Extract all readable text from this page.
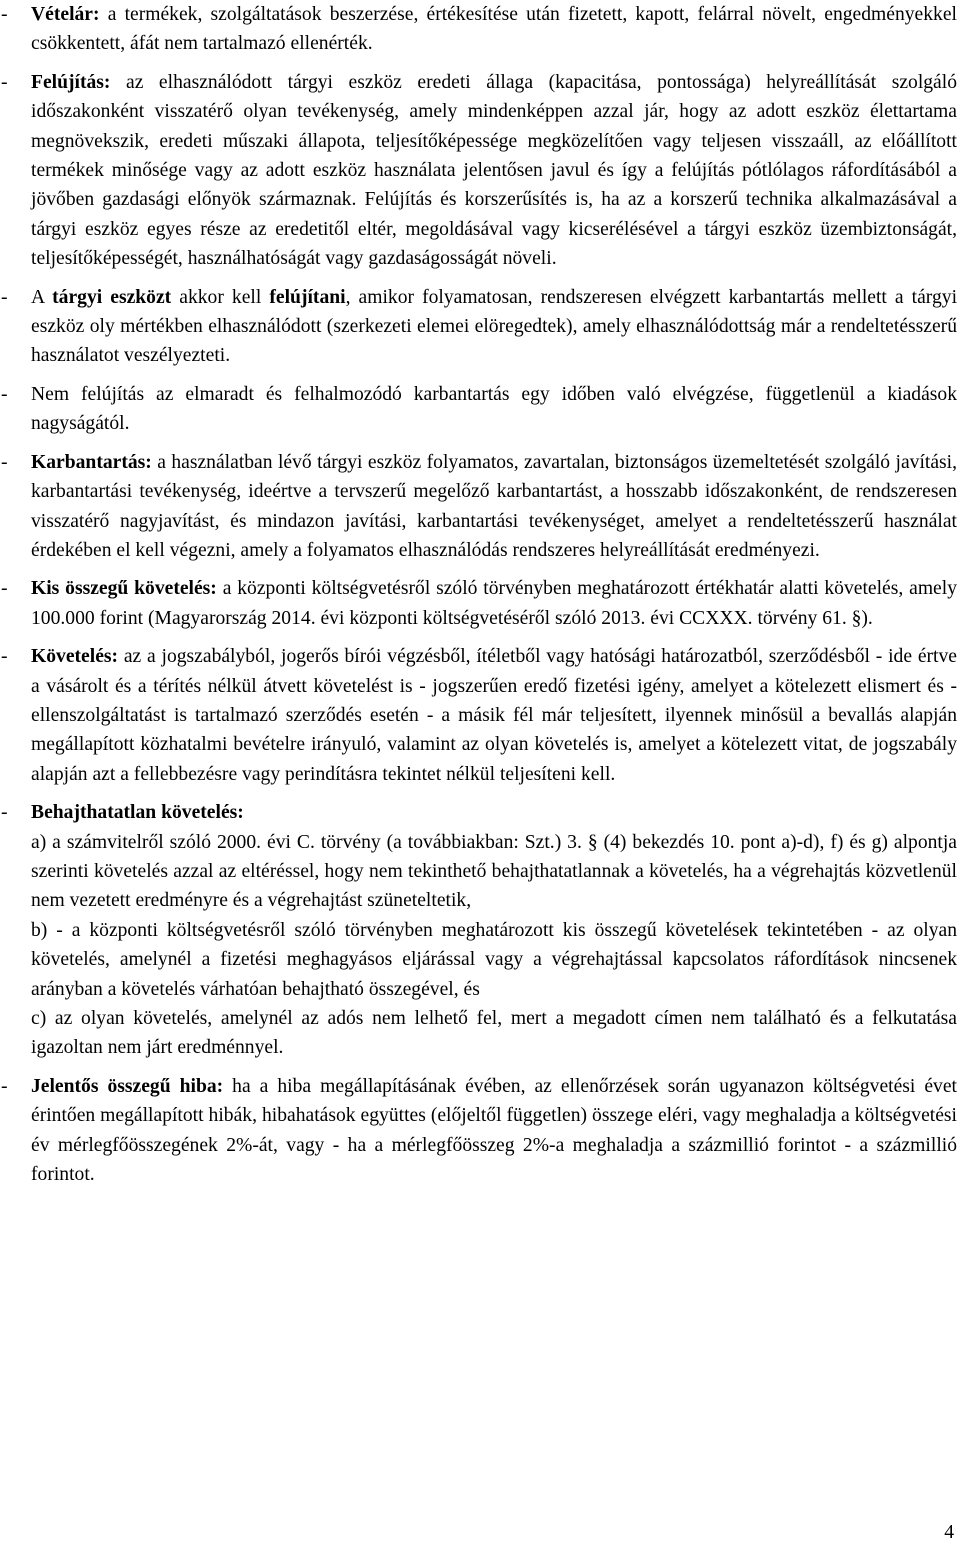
- Vételár: a termékek, szolgáltatások beszerzése, értékesítése után fizetett, kapott, felárral növelt, engedményekkel csökkentett, áfát nem tartalmazó ellenérték.

- Felújítás: az elhasználódott tárgyi eszköz eredeti állaga (kapacitása, pontossága) helyreállítását szolgáló időszakonként visszatérő olyan tevékenység, amely mindenképpen azzal jár, hogy az adott eszköz élettartama megnövekszik, eredeti műszaki állapota, teljesítőképessége megközelítően vagy teljesen visszaáll, az előállított termékek minősége vagy az adott eszköz használata jelentősen javul és így a felújítás pótlólagos ráfordításából a jövőben gazdasági előnyök származnak. Felújítás és korszerűsítés is, ha az a korszerű technika alkalmazásával a tárgyi eszköz egyes része az eredetitől eltér, megoldásával vagy kicserélésével a tárgyi eszköz üzembiztonságát, teljesítőképességét, használhatóságát vagy gazdaságosságát növeli.

- A tárgyi eszközt akkor kell felújítani, amikor folyamatosan, rendszeresen elvégzett karbantartás mellett a tárgyi eszköz oly mértékben elhasználódott (szerkezeti elemei elöregedtek), amely elhasználódottság már a rendeltetésszerű használatot veszélyezteti.

- Nem felújítás az elmaradt és felhalmozódó karbantartás egy időben való elvégzése, függetlenül a kiadások nagyságától.

- Karbantartás: a használatban lévő tárgyi eszköz folyamatos, zavartalan, biztonságos üzemeltetését szolgáló javítási, karbantartási tevékenység, ideértve a tervszerű megelőző karbantartást, a hosszabb időszakonként, de rendszeresen visszatérő nagyjavítást, és mindazon javítási, karbantartási tevékenységet, amelyet a rendeltetésszerű használat érdekében el kell végezni, amely a folyamatos elhasználódás rendszeres helyreállítását eredményezi.

- Kis összegű követelés: a központi költségvetésről szóló törvényben meghatározott értékhatár alatti követelés, amely 100.000 forint (Magyarország 2014. évi központi költségvetéséről szóló 2013. évi CCXXX. törvény 61. §).

- Követelés: az a jogszabályból, jogerős bírói végzésből, ítéletből vagy hatósági határozatból, szerződésből - ide értve a vásárolt és a térítés nélkül átvett követelést is - jogszerűen eredő fizetési igény, amelyet a kötelezett elismert és - ellenszolgáltatást is tartalmazó szerződés esetén - a másik fél már teljesített, ilyennek minősül a bevallás alapján megállapított közhatalmi bevételre irányuló, valamint az olyan követelés is, amelyet a kötelezett vitat, de jogszabály alapján azt a fellebbezésre vagy perindításra tekintet nélkül teljesíteni kell.

- Behajthatatlan követelés:
a) a számvitelről szóló 2000. évi C. törvény (a továbbiakban: Szt.) 3. § (4) bekezdés 10. pont a)-d), f) és g) alpontja szerinti követelés azzal az eltéréssel, hogy nem tekinthető behajthatatlannak a követelés, ha a végrehajtás közvetlenül nem vezetett eredményre és a végrehajtást szüneteltetik,
b) - a központi költségvetésről szóló törvényben meghatározott kis összegű követelések tekintetében - az olyan követelés, amelynél a fizetési meghagyásos eljárással vagy a végrehajtással kapcsolatos ráfordítások nincsenek arányban a követelés várhatóan behajtható összegével, és
c) az olyan követelés, amelynél az adós nem lelhető fel, mert a megadott címen nem található és a felkutatása igazoltan nem járt eredménnyel.

- Jelentős összegű hiba: ha a hiba megállapításának évében, az ellenőrzések során ugyanazon költségvetési évet érintően megállapított hibák, hibahatások együttes (előjeltől független) összege eléri, vagy meghaladja a költségvetési év mérlegfőösszegének 2%-át, vagy - ha a mérlegfőösszeg 2%-a meghaladja a százmillió forintot - a százmillió forintot.

4
